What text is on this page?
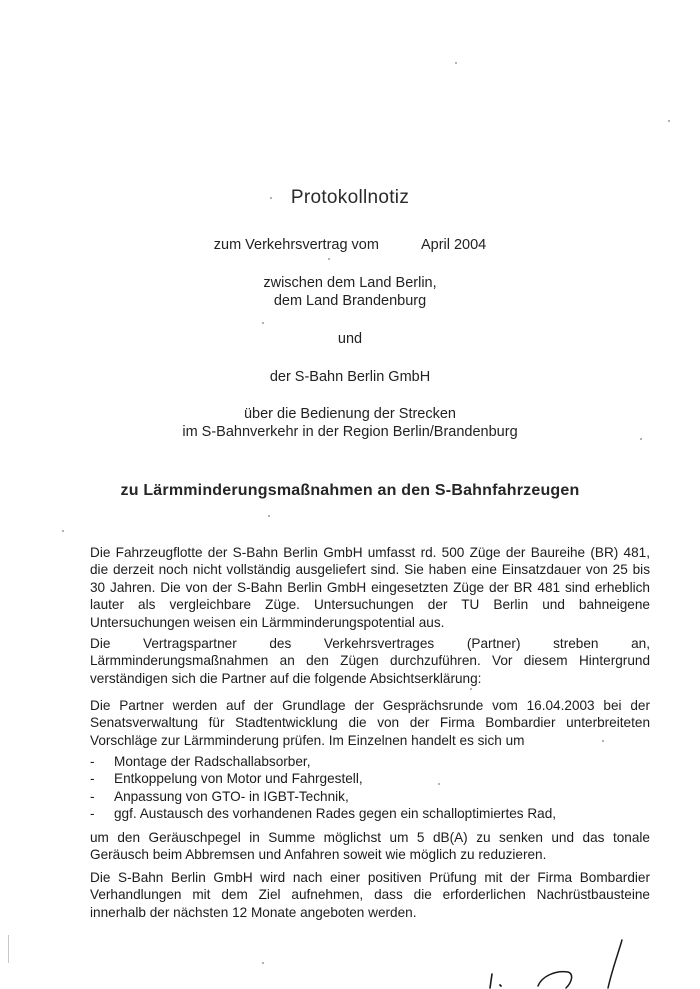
Protokollnotiz
zum Verkehrsvertrag vom	April 2004
zwischen dem Land Berlin,
dem Land Brandenburg
und
der S-Bahn Berlin GmbH
über die Bedienung der Strecken
im S-Bahnverkehr in der Region Berlin/Brandenburg
zu Lärmminderungsmaßnahmen an den S-Bahnfahrzeugen

Die Fahrzeugflotte der S-Bahn Berlin GmbH umfasst rd. 500 Züge der Baureihe (BR) 481, die derzeit noch nicht vollständig ausgeliefert sind. Sie haben eine Einsatzdauer von 25 bis 30 Jahren. Die von der S-Bahn Berlin GmbH eingesetzten Züge der BR 481 sind erheblich lauter als vergleichbare Züge. Untersuchungen der TU Berlin und bahneigene Untersuchungen weisen ein Lärmminderungspotential aus.

Die Vertragspartner des Verkehrsvertrages (Partner) streben an, Lärmminderungsmaßnahmen an den Zügen durchzuführen. Vor diesem Hintergrund verständigen sich die Partner auf die folgende Absichtserklärung:

Die Partner werden auf der Grundlage der Gesprächsrunde vom 16.04.2003 bei der Senatsverwaltung für Stadtentwicklung die von der Firma Bombardier unterbreiteten Vorschläge zur Lärmminderung prüfen. Im Einzelnen handelt es sich um

- Montage der Radschallabsorber,
- Entkoppelung von Motor und Fahrgestell,
- Anpassung von GTO- in IGBT-Technik,
- ggf. Austausch des vorhandenen Rades gegen ein schalloptimiertes Rad,

um den Geräuschpegel in Summe möglichst um 5 dB(A) zu senken und das tonale Geräusch beim Abbremsen und Anfahren soweit wie möglich zu reduzieren.

Die S-Bahn Berlin GmbH wird nach einer positiven Prüfung mit der Firma Bombardier Verhandlungen mit dem Ziel aufnehmen, dass die erforderlichen Nachrüstbausteine innerhalb der nächsten 12 Monate angeboten werden.
